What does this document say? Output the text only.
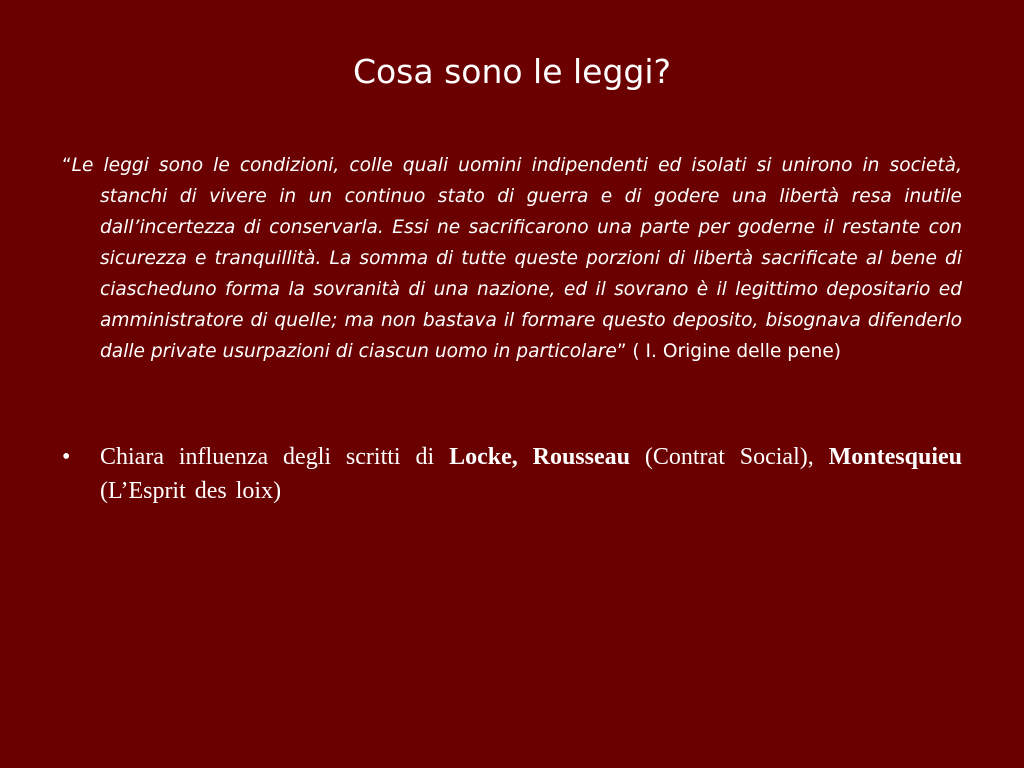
Cosa sono le leggi?

“Le leggi sono le condizioni, colle quali uomini indipendenti ed isolati si unirono in società, stanchi di vivere in un continuo stato di guerra e di godere una libertà resa inutile dall’incertezza di conservarla. Essi ne sacrificarono una parte per goderne il restante con sicurezza e tranquillità. La somma di tutte queste porzioni di libertà sacrificate al bene di ciascheduno forma la sovranità di una nazione, ed il sovrano è il legittimo depositario ed amministratore di quelle; ma non bastava il formare questo deposito, bisognava difenderlo dalle private usurpazioni di ciascun uomo in particolare” ( I. Origine delle pene)

•	Chiara influenza degli scritti di Locke, Rousseau (Contrat Social), Montesquieu (L’Esprit des loix)
